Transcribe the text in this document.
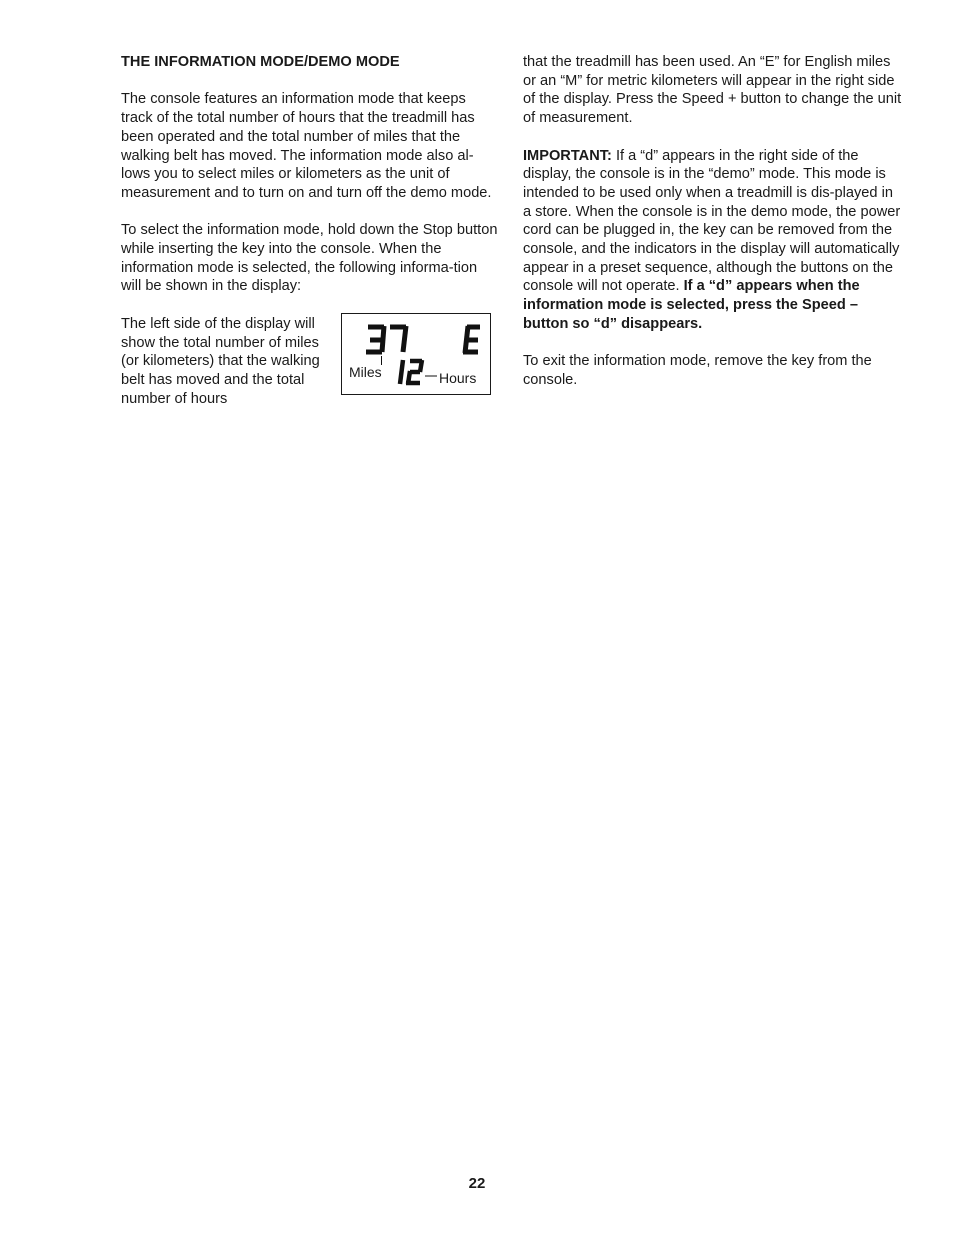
THE INFORMATION MODE/DEMO MODE

The console features an information mode that keeps track of the total number of hours that the treadmill has been operated and the total number of miles that the walking belt has moved. The information mode also al-lows you to select miles or kilometers as the unit of measurement and to turn on and turn off the demo mode.

To select the information mode, hold down the Stop button while inserting the key into the console. When the information mode is selected, the following informa-tion will be shown in the display:

The left side of the display will show the total number of miles (or kilometers) that the walking belt has moved and the total number of hours

Miles	Hours

that the treadmill has been used. An “E” for English miles or an “M” for metric kilometers will appear in the right side of the display. Press the Speed + button to change the unit of measurement.

IMPORTANT: If a “d” appears in the right side of the display, the console is in the “demo” mode. This mode is intended to be used only when a treadmill is dis-played in a store. When the console is in the demo mode, the power cord can be plugged in, the key can be removed from the console, and the indicators in the display will automatically appear in a preset sequence, although the buttons on the console will not operate. If a “d” appears when the information mode is selected, press the Speed – button so “d” disappears.

To exit the information mode, remove the key from the console.

22
